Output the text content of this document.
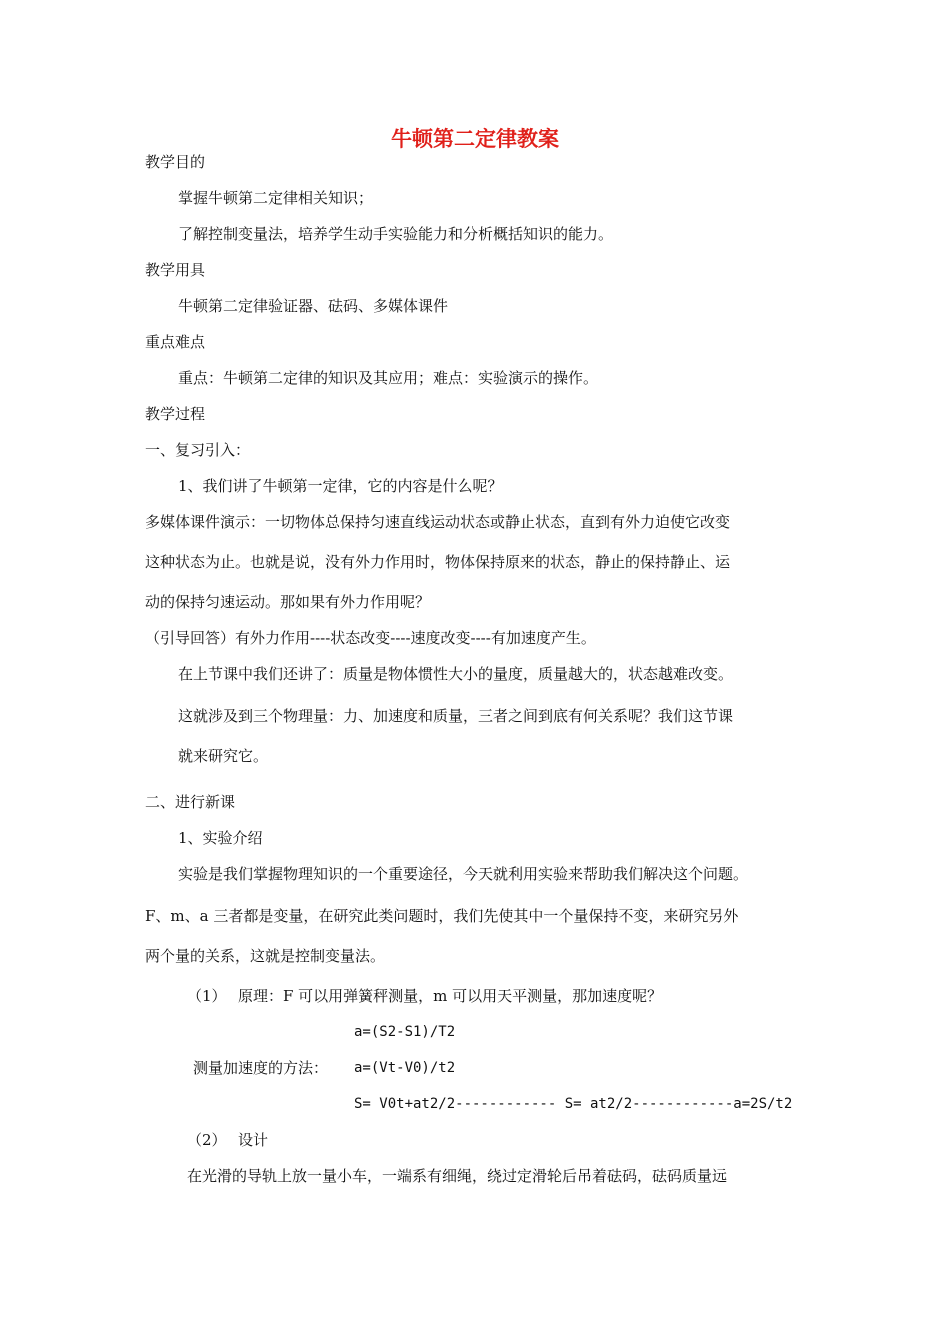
牛顿第二定律教案
教学目的
掌握牛顿第二定律相关知识；
了解控制变量法，培养学生动手实验能力和分析概括知识的能力。
教学用具
牛顿第二定律验证器、砝码、多媒体课件
重点难点
重点：牛顿第二定律的知识及其应用；难点：实验演示的操作。
教学过程
一、复习引入：
1、我们讲了牛顿第一定律，它的内容是什么呢？
多媒体课件演示：一切物体总保持匀速直线运动状态或静止状态，直到有外力迫使它改变
这种状态为止。也就是说，没有外力作用时，物体保持原来的状态，静止的保持静止、运
动的保持匀速运动。那如果有外力作用呢？
（引导回答）有外力作用----状态改变----速度改变----有加速度产生。
在上节课中我们还讲了：质量是物体惯性大小的量度，质量越大的，状态越难改变。
这就涉及到三个物理量：力、加速度和质量，三者之间到底有何关系呢？我们这节课
就来研究它。
二、进行新课
1、实验介绍
实验是我们掌握物理知识的一个重要途径，今天就利用实验来帮助我们解决这个问题。
F、m、a 三者都是变量，在研究此类问题时，我们先使其中一个量保持不变，来研究另外
两个量的关系，这就是控制变量法。
（1） 原理：F 可以用弹簧秤测量，m 可以用天平测量，那加速度呢？
a=(S2-S1)/T2
测量加速度的方法： a=(Vt-V0)/t2
S= V0t+at2/2------------ S= at2/2------------a=2S/t2
（2） 设计
在光滑的导轨上放一量小车，一端系有细绳，绕过定滑轮后吊着砝码，砝码质量远
